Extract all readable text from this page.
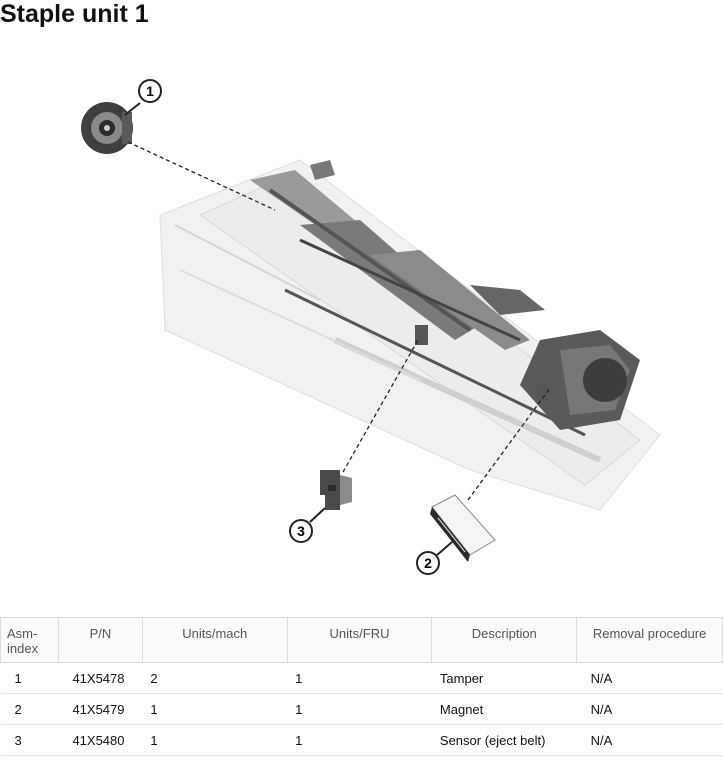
Staple unit 1
1
2
3
Asm-
index	P/N	Units/mach	Units/FRU	Description	Removal procedure
1	41X5478	2	1	Tamper	N/A
2	41X5479	1	1	Magnet	N/A
3	41X5480	1	1	Sensor (eject belt)	N/A
